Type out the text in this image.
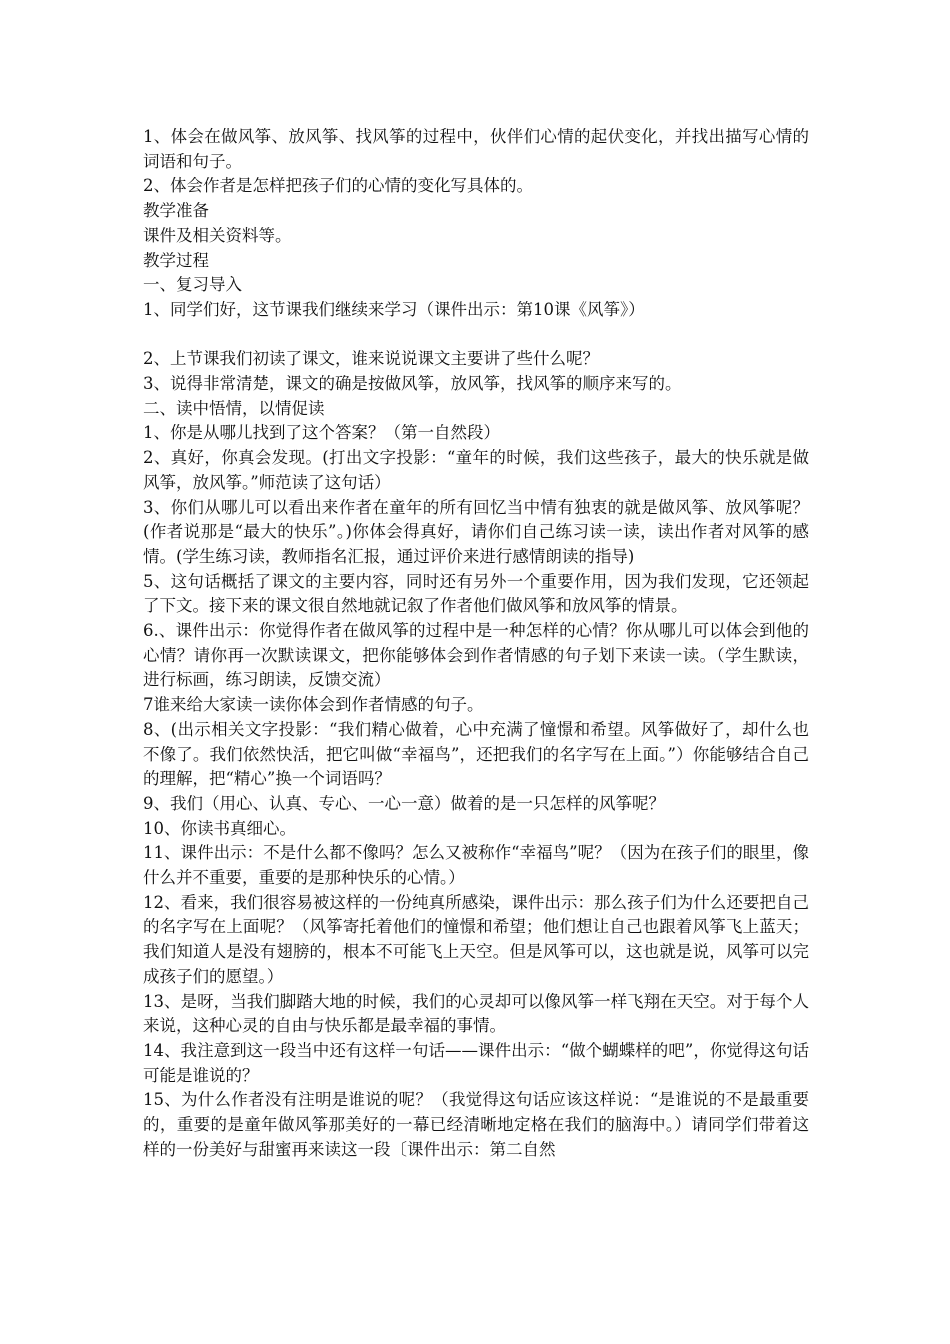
1、体会在做风筝、放风筝、找风筝的过程中，伙伴们心情的起伏变化，并找出描写心情的词语和句子。

2、体会作者是怎样把孩子们的心情的变化写具体的。

教学准备

课件及相关资料等。

教学过程

一、复习导入

1、同学们好，这节课我们继续来学习（课件出示：第10课《风筝》）

2、上节课我们初读了课文，谁来说说课文主要讲了些什么呢？

3、说得非常清楚，课文的确是按做风筝，放风筝，找风筝的顺序来写的。

二、读中悟情，以情促读

1、你是从哪儿找到了这个答案？（第一自然段）

2、真好，你真会发现。(打出文字投影：“童年的时候，我们这些孩子，最大的快乐就是做风筝，放风筝。”师范读了这句话）

3、你们从哪儿可以看出来作者在童年的所有回忆当中情有独衷的就是做风筝、放风筝呢？(作者说那是“最大的快乐”。)你体会得真好，请你们自己练习读一读，读出作者对风筝的感情。(学生练习读，教师指名汇报，通过评价来进行感情朗读的指导)

5、这句话概括了课文的主要内容，同时还有另外一个重要作用，因为我们发现，它还领起了下文。接下来的课文很自然地就记叙了作者他们做风筝和放风筝的情景。

6.、课件出示：你觉得作者在做风筝的过程中是一种怎样的心情？你从哪儿可以体会到他的心情？请你再一次默读课文，把你能够体会到作者情感的句子划下来读一读。（学生默读，进行标画，练习朗读，反馈交流）

7谁来给大家读一读你体会到作者情感的句子。

8、(出示相关文字投影：“我们精心做着，心中充满了憧憬和希望。风筝做好了，却什么也不像了。我们依然快活，把它叫做“幸福鸟”，还把我们的名字写在上面。”）你能够结合自己的理解，把“精心”换一个词语吗？

9、我们（用心、认真、专心、一心一意）做着的是一只怎样的风筝呢？

10、你读书真细心。

11、课件出示：不是什么都不像吗？怎么又被称作“幸福鸟”呢？（因为在孩子们的眼里，像什么并不重要，重要的是那种快乐的心情。）

12、看来，我们很容易被这样的一份纯真所感染，课件出示：那么孩子们为什么还要把自己的名字写在上面呢？（风筝寄托着他们的憧憬和希望；他们想让自己也跟着风筝飞上蓝天；我们知道人是没有翅膀的，根本不可能飞上天空。但是风筝可以，这也就是说，风筝可以完成孩子们的愿望。）

13、是呀，当我们脚踏大地的时候，我们的心灵却可以像风筝一样飞翔在天空。对于每个人来说，这种心灵的自由与快乐都是最幸福的事情。

14、我注意到这一段当中还有这样一句话——课件出示：“做个蝴蝶样的吧”，你觉得这句话可能是谁说的？

15、为什么作者没有注明是谁说的呢？（我觉得这句话应该这样说：“是谁说的不是最重要的，重要的是童年做风筝那美好的一幕已经清晰地定格在我们的脑海中。）请同学们带着这样的一份美好与甜蜜再来读这一段〔课件出示：第二自然
